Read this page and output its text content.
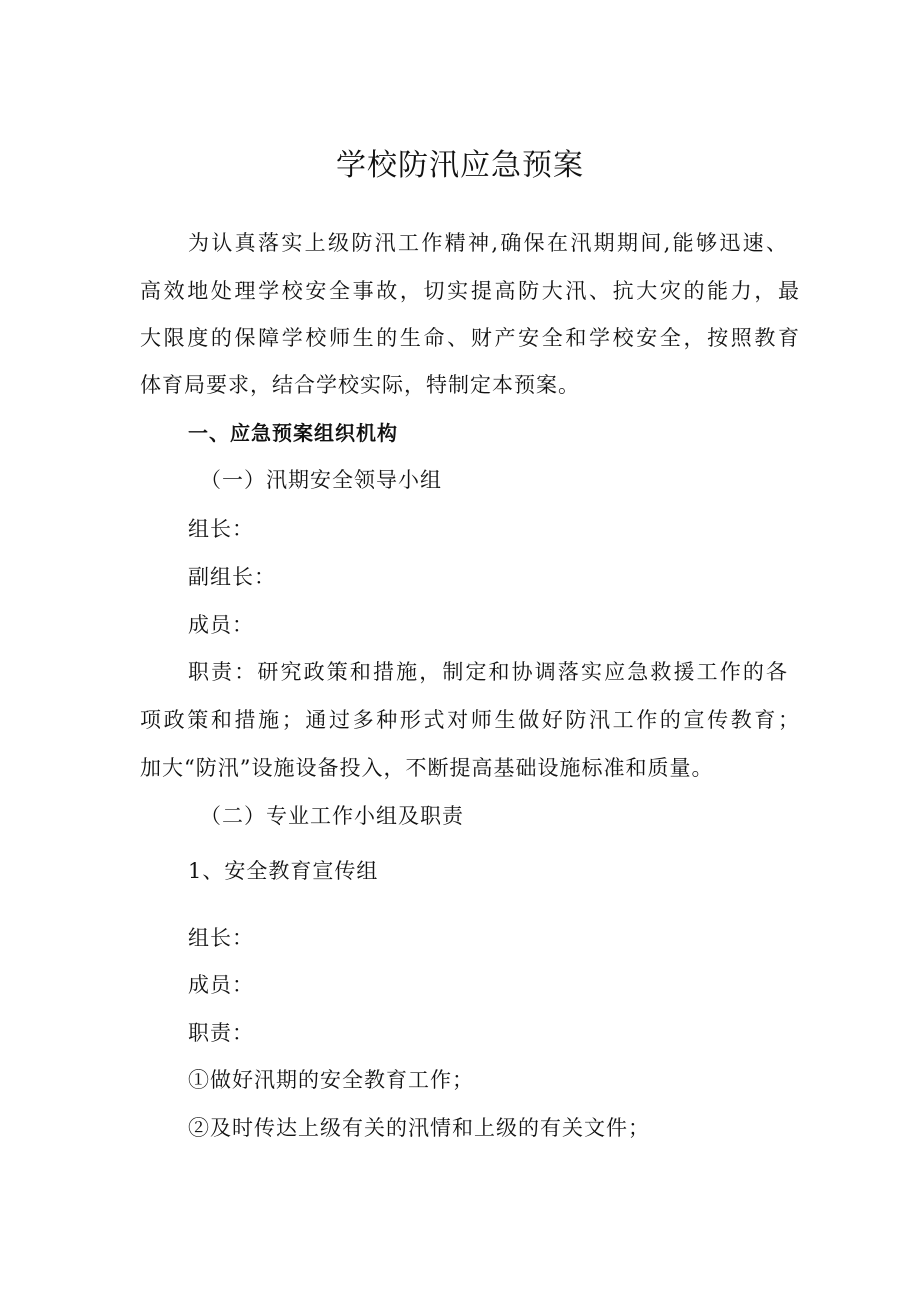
学校防汛应急预案
为认真落实上级防汛工作精神,确保在汛期期间,能够迅速、
高效地处理学校安全事故，切实提高防大汛、抗大灾的能力，最
大限度的保障学校师生的生命、财产安全和学校安全，按照教育
体育局要求，结合学校实际，特制定本预案。
一、应急预案组织机构
（一）汛期安全领导小组
组长：
副组长：
成员：
职责：研究政策和措施，制定和协调落实应急救援工作的各
项政策和措施；通过多种形式对师生做好防汛工作的宣传教育；
加大“防汛”设施设备投入，不断提高基础设施标准和质量。
（二）专业工作小组及职责
1、安全教育宣传组
组长：
成员：
职责：
①做好汛期的安全教育工作；
②及时传达上级有关的汛情和上级的有关文件；
